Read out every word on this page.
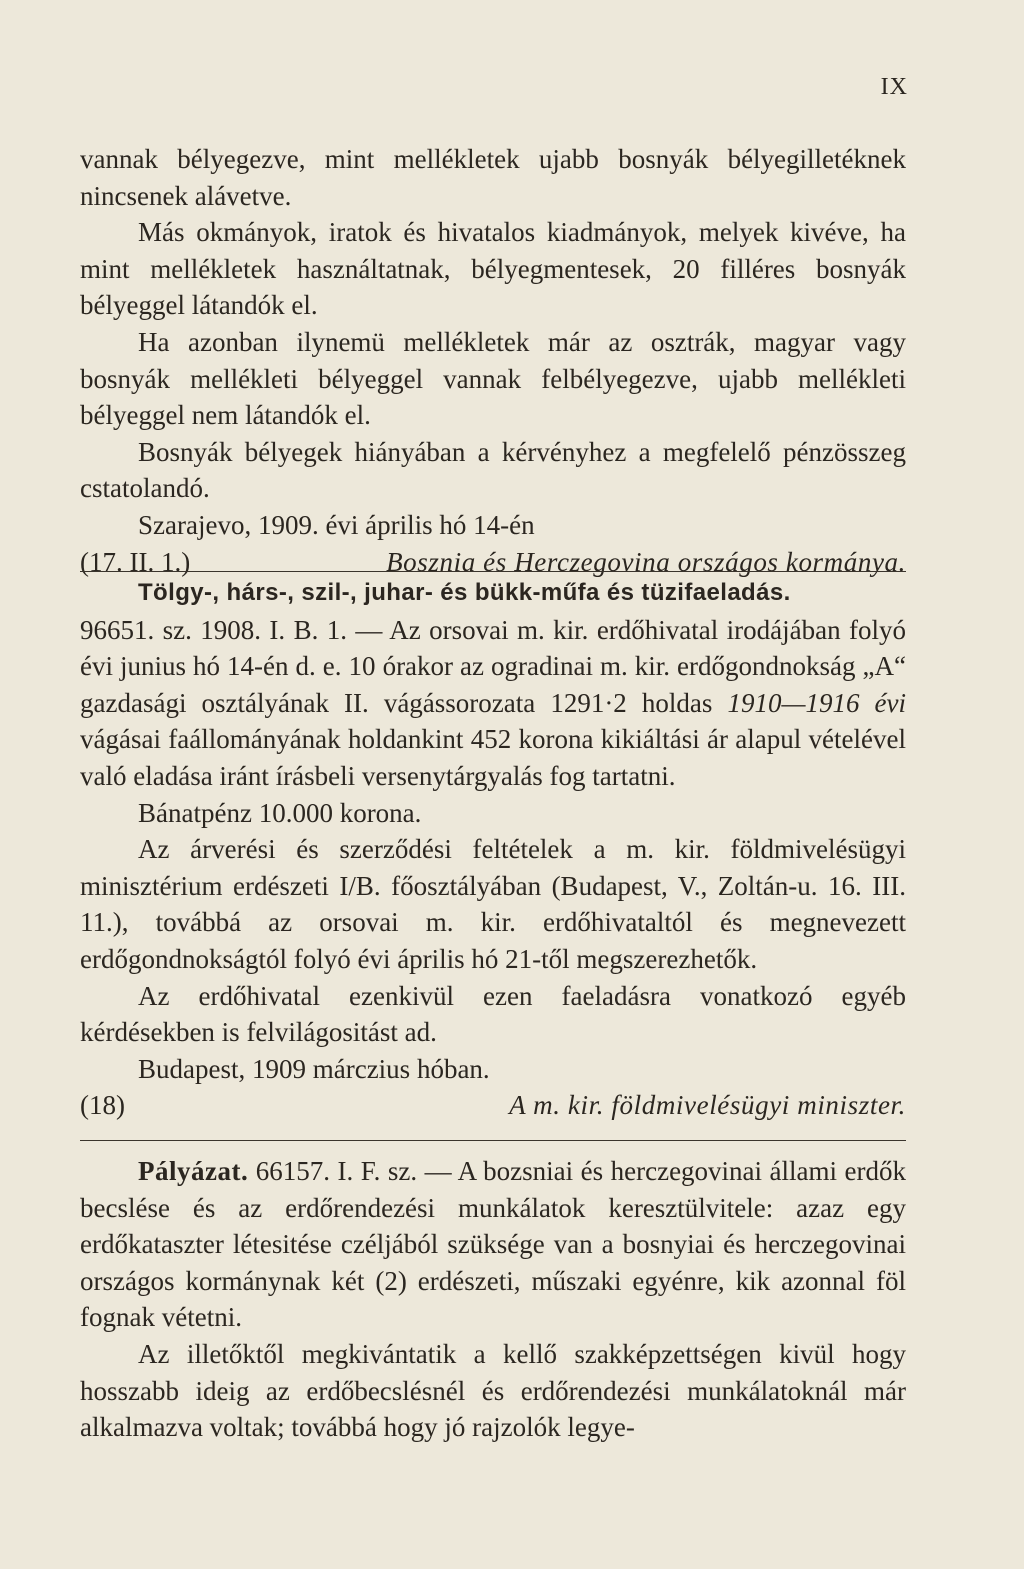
IX

vannak bélyegezve, mint mellékletek ujabb bosnyák bélyegilletéknek nincsenek alávetve.

Más okmányok, iratok és hivatalos kiadmányok, melyek kivéve, ha mint mellékletek használtatnak, bélyegmentesek, 20 filléres bosnyák bélyeggel látandók el.

Ha azonban ilynemü mellékletek már az osztrák, magyar vagy bosnyák mellékleti bélyeggel vannak felbélyegezve, ujabb mellékleti bélyeggel nem látandók el.

Bosnyák bélyegek hiányában a kérvényhez a megfelelő pénzösszeg cstatolandó.

Szarajevo, 1909. évi április hó 14-én

(17. II. 1.)	Bosznia és Herczegovina országos kormánya.

Tölgy-, hárs-, szil-, juhar- és bükk-műfa és tüzifaeladás.

96651. sz. 1908. I. B. 1. — Az orsovai m. kir. erdőhivatal irodájában folyó évi junius hó 14-én d. e. 10 órakor az ogradinai m. kir. erdőgondnokság „A“ gazdasági osztályának II. vágássorozata 1291·2 holdas 1910—1916 évi vágásai faállományának holdankint 452 korona kikiáltási ár alapul vételével való eladása iránt írásbeli versenytárgyalás fog tartatni.

Bánatpénz 10.000 korona.

Az árverési és szerződési feltételek a m. kir. földmivelésügyi minisztérium erdészeti I/B. főosztályában (Budapest, V., Zoltán-u. 16. III. 11.), továbbá az orsovai m. kir. erdőhivataltól és megnevezett erdőgondnokságtól folyó évi április hó 21-től megszerezhetők.

Az erdőhivatal ezenkivül ezen faeladásra vonatkozó egyéb kérdésekben is felvilágositást ad.

Budapest, 1909 márczius hóban.

(18)	A m. kir. földmivelésügyi miniszter.

Pályázat. 66157. I. F. sz. — A bozsniai és herczegovinai állami erdők becslése és az erdőrendezési munkálatok keresztülvitele: azaz egy erdőkataszter létesitése czéljából szüksége van a bosnyiai és herczegovinai országos kormánynak két (2) erdészeti, műszaki egyénre, kik azonnal föl fognak vétetni.

Az illetőktől megkivántatik a kellő szakképzettségen kivül hogy hosszabb ideig az erdőbecslésnél és erdőrendezési munkálatoknál már alkalmazva voltak; továbbá hogy jó rajzolók legye-
